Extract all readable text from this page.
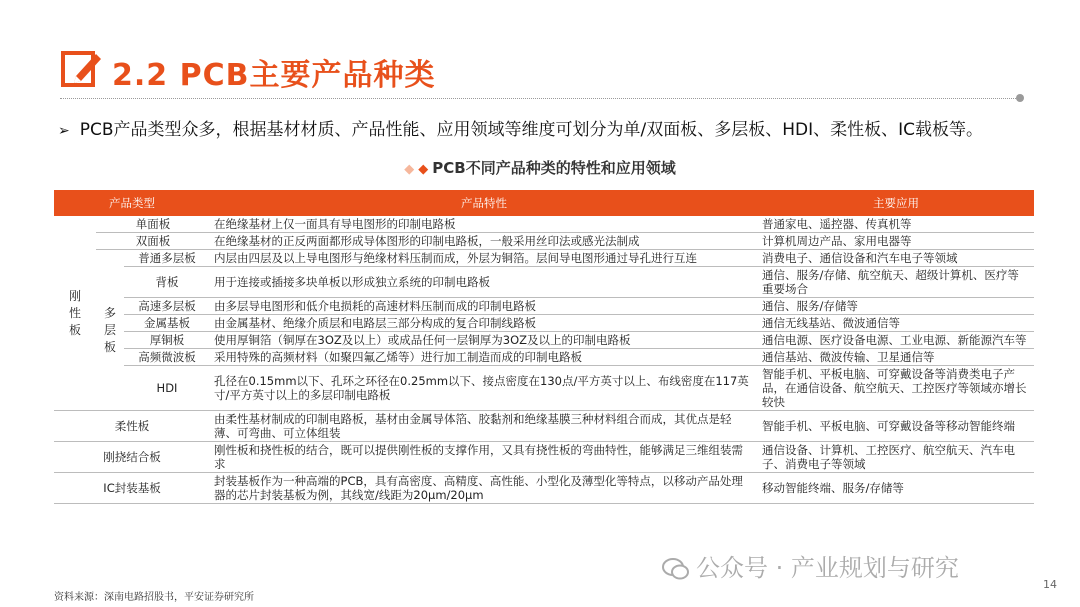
2.2 PCB主要产品种类
➢ PCB产品类型众多，根据基材材质、产品性能、应用领域等维度可划分为单/双面板、多层板、HDI、柔性板、IC载板等。
◆ ◆ PCB不同产品种类的特性和应用领域
产品类型			产品特性	主要应用
刚性板	单面板		在绝缘基材上仅一面具有导电图形的印制电路板	普通家电、遥控器、传真机等
	双面板		在绝缘基材的正反两面都形成导体图形的印制电路板，一般采用丝印法或感光法制成	计算机周边产品、家用电器等
	多层板	普通多层板	内层由四层及以上导电图形与绝缘材料压制而成，外层为铜箔。层间导电图形通过导孔进行互连	消费电子、通信设备和汽车电子等领域
		背板	用于连接或插接多块单板以形成独立系统的印制电路板	通信、服务/存储、航空航天、超级计算机、医疗等重要场合
		高速多层板	由多层导电图形和低介电损耗的高速材料压制而成的印制电路板	通信、服务/存储等
		金属基板	由金属基材、绝缘介质层和电路层三部分构成的复合印制线路板	通信无线基站、微波通信等
		厚铜板	使用厚铜箔（铜厚在3OZ及以上）或成品任何一层铜厚为3OZ及以上的印制电路板	通信电源、医疗设备电源、工业电源、新能源汽车等
		高频微波板	采用特殊的高频材料（如聚四氟乙烯等）进行加工制造而成的印制电路板	通信基站、微波传输、卫星通信等
		HDI	孔径在0.15mm以下、孔环之环径在0.25mm以下、接点密度在130点/平方英寸以上、布线密度在117英寸/平方英寸以上的多层印制电路板	智能手机、平板电脑、可穿戴设备等消费类电子产品，在通信设备、航空航天、工控医疗等领域亦增长较快
柔性板			由柔性基材制成的印制电路板，基材由金属导体箔、胶黏剂和绝缘基膜三种材料组合而成，其优点是轻薄、可弯曲、可立体组装	智能手机、平板电脑、可穿戴设备等移动智能终端
刚挠结合板			刚性板和挠性板的结合，既可以提供刚性板的支撑作用，又具有挠性板的弯曲特性，能够满足三维组装需求	通信设备、计算机、工控医疗、航空航天、汽车电子、消费电子等领域
IC封装基板			封装基板作为一种高端的PCB，具有高密度、高精度、高性能、小型化及薄型化等特点，以移动产品处理器的芯片封装基板为例，其线宽/线距为20μm/20μm	移动智能终端、服务/存储等
资料来源：深南电路招股书，平安证券研究所
14
公众号 · 产业规划与研究
